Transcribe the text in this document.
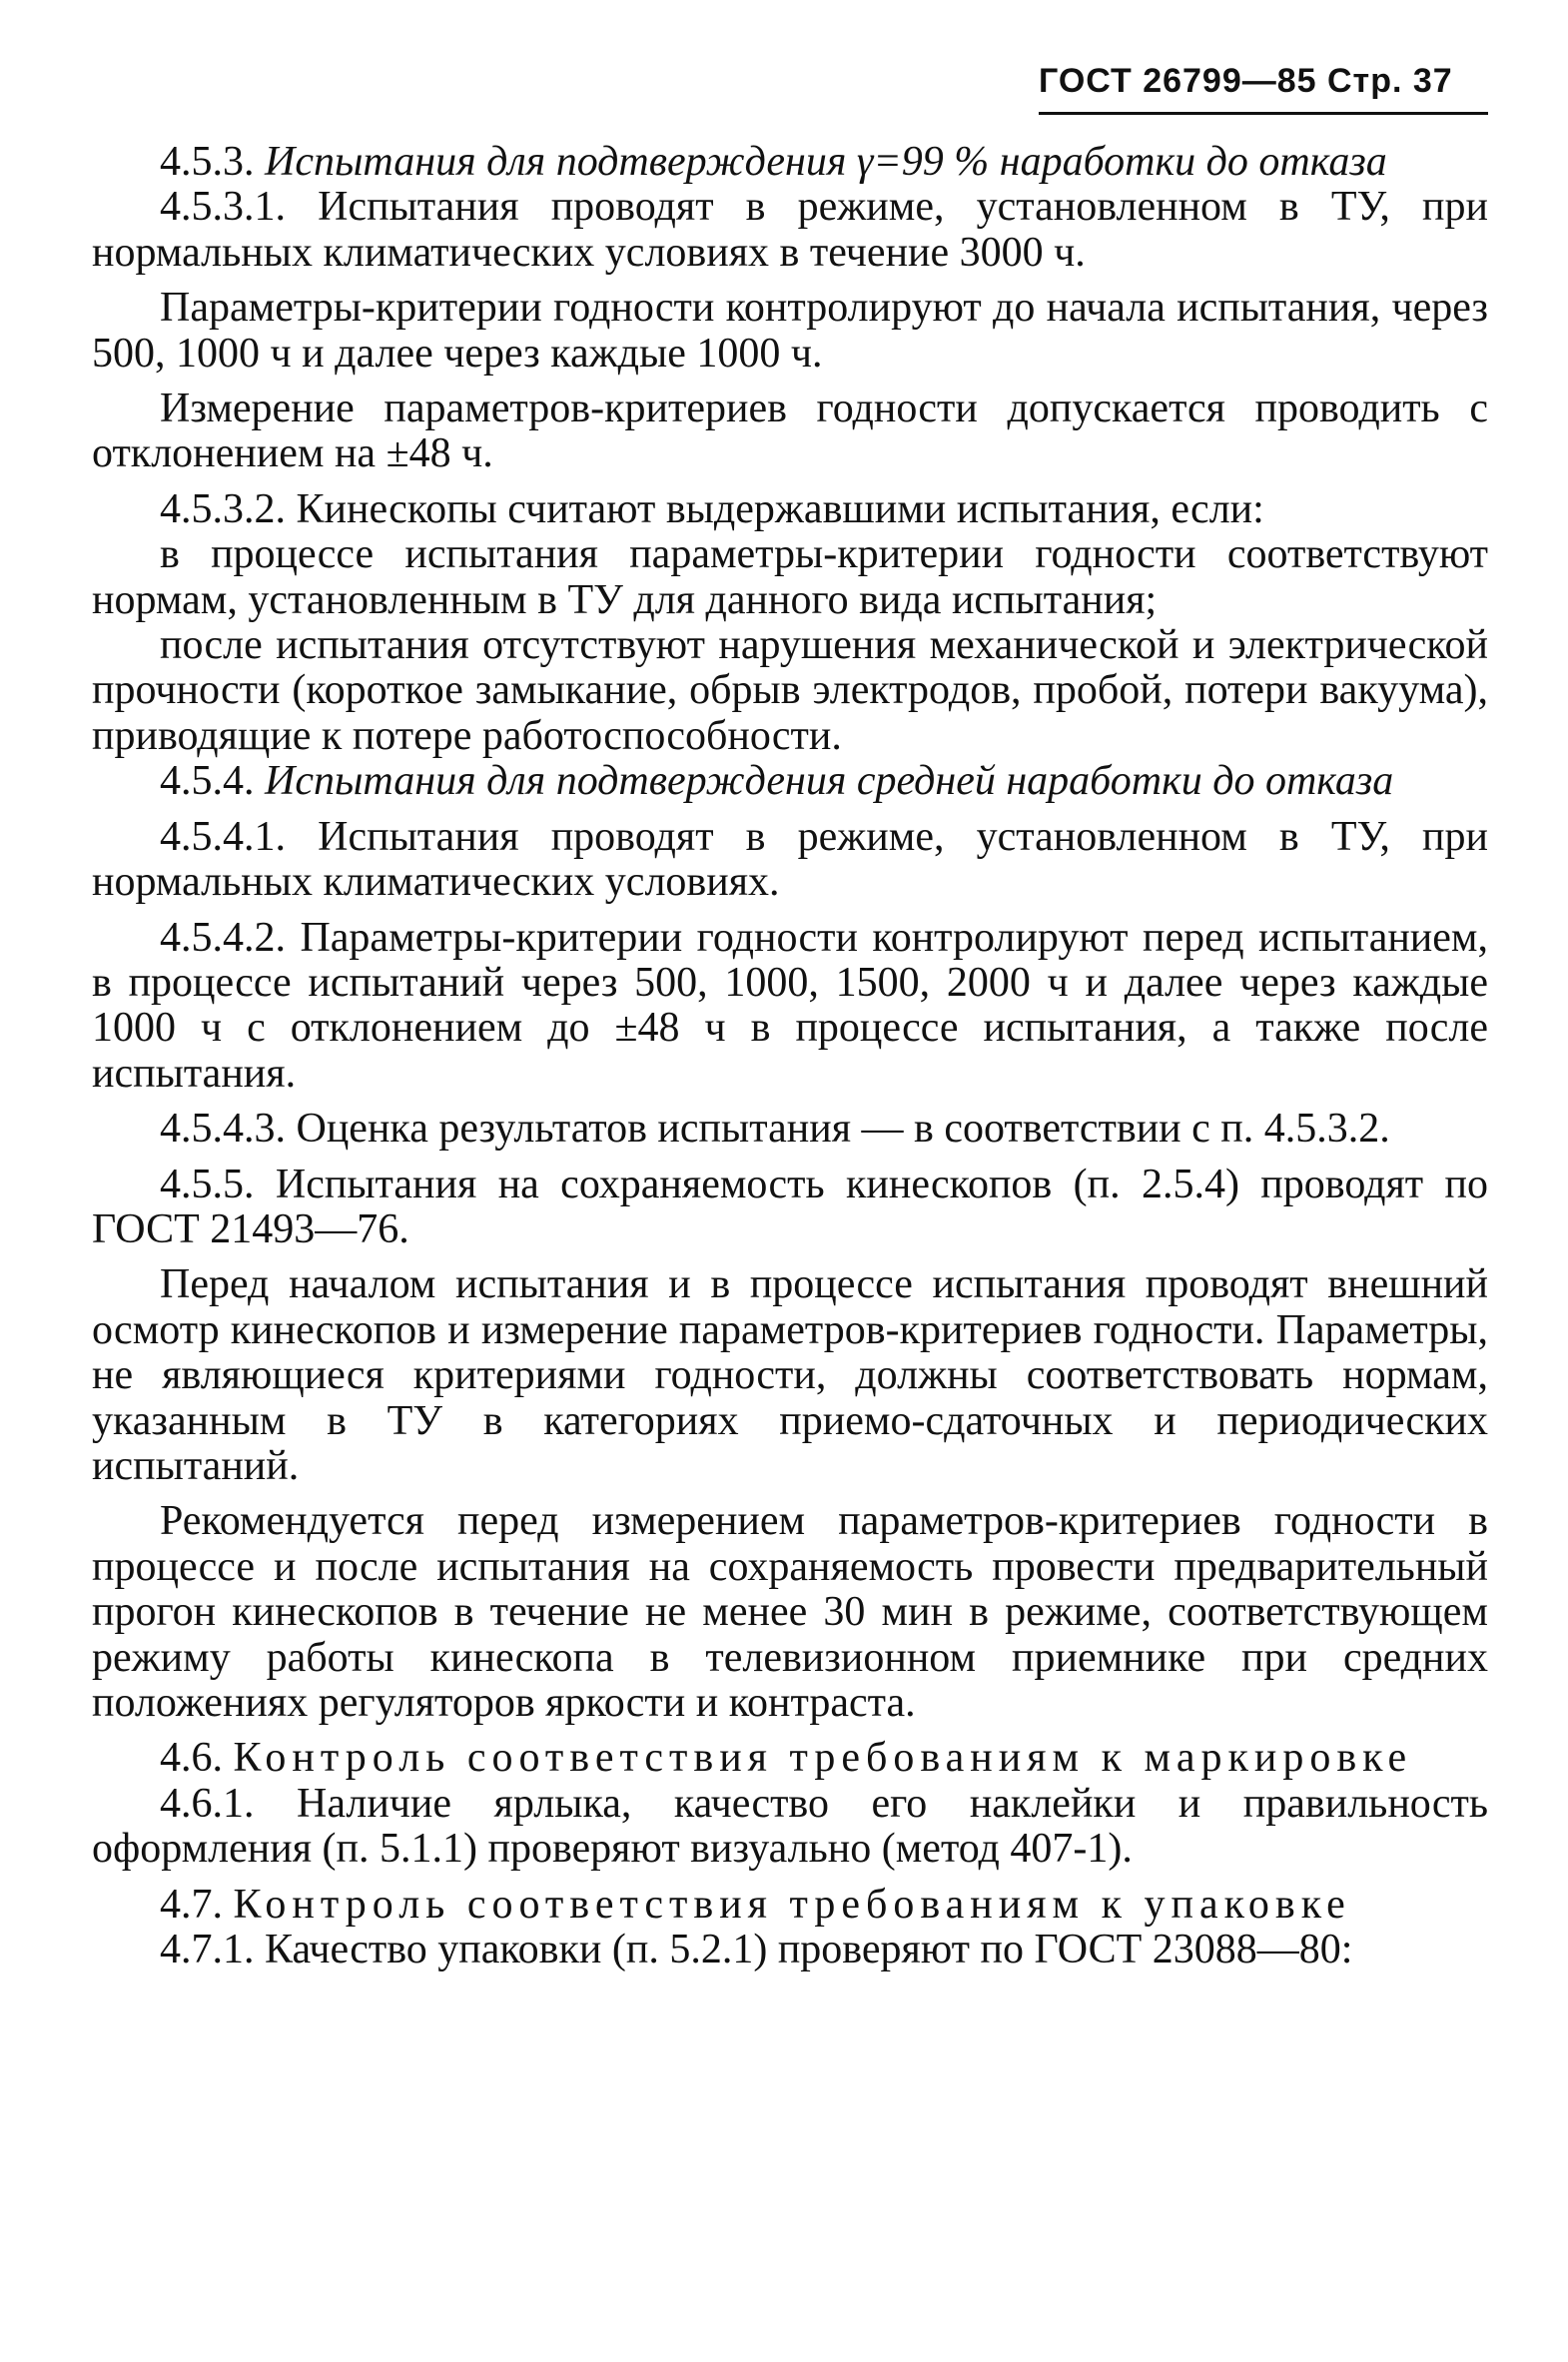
ГОСТ 26799—85 Стр. 37

4.5.3. Испытания для подтверждения γ=99 % наработки до отказа

4.5.3.1. Испытания проводят в режиме, установленном в ТУ, при нормальных климатических условиях в течение 3000 ч.

Параметры-критерии годности контролируют до начала испытания, через 500, 1000 ч и далее через каждые 1000 ч.

Измерение параметров-критериев годности допускается проводить с отклонением на ±48 ч.

4.5.3.2. Кинескопы считают выдержавшими испытания, если:

в процессе испытания параметры-критерии годности соответствуют нормам, установленным в ТУ для данного вида испытания;

после испытания отсутствуют нарушения механической и электрической прочности (короткое замыкание, обрыв электродов, пробой, потери вакуума), приводящие к потере работоспособности.

4.5.4. Испытания для подтверждения средней наработки до отказа

4.5.4.1. Испытания проводят в режиме, установленном в ТУ, при нормальных климатических условиях.

4.5.4.2. Параметры-критерии годности контролируют перед испытанием, в процессе испытаний через 500, 1000, 1500, 2000 ч и далее через каждые 1000 ч с отклонением до ±48 ч в процессе испытания, а также после испытания.

4.5.4.3. Оценка результатов испытания — в соответствии с п. 4.5.3.2.

4.5.5. Испытания на сохраняемость кинескопов (п. 2.5.4) проводят по ГОСТ 21493—76.

Перед началом испытания и в процессе испытания проводят внешний осмотр кинескопов и измерение параметров-критериев годности. Параметры, не являющиеся критериями годности, должны соответствовать нормам, указанным в ТУ в категориях приемо-сдаточных и периодических испытаний.

Рекомендуется перед измерением параметров-критериев годности в процессе и после испытания на сохраняемость провести предварительный прогон кинескопов в течение не менее 30 мин в режиме, соответствующем режиму работы кинескопа в телевизионном приемнике при средних положениях регуляторов яркости и контраста.

4.6. Контроль соответствия требованиям к маркировке

4.6.1. Наличие ярлыка, качество его наклейки и правильность оформления (п. 5.1.1) проверяют визуально (метод 407-1).

4.7. Контроль соответствия требованиям к упаковке

4.7.1. Качество упаковки (п. 5.2.1) проверяют по ГОСТ 23088—80:
